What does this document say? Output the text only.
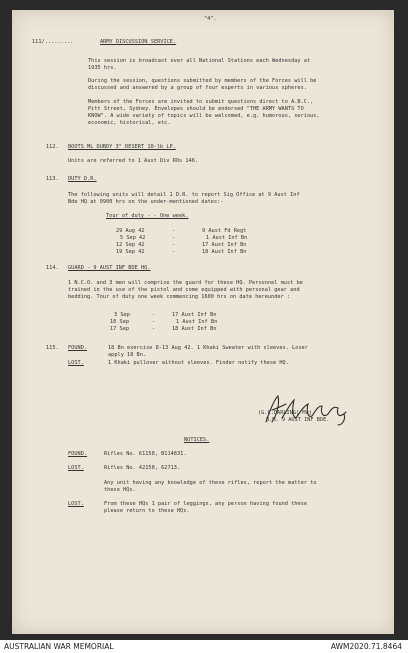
"4".
111/.........	ARMY DISCUSSION SERVICE.
This session is broadcast over all National Stations each Wednesday at
1935 hrs.
During the session, questions submitted by members of the Forces will be
discussed and answered by a group of four experts in various spheres.
Members of the Forces are invited to submit questions direct to A.B.C.,
Pitt Street, Sydney. Envelopes should be endorsed "THE ARMY WANTS TO
KNOW". A wide variety of topics will be welcomed, e.g. humorous, serious,
economic, historical, etc.
112. BOOTS ML DUBDY 3" DESERT 10-lb LP.
Units are referred to 1 Aust Div ROs 146.
113. DUTY D.R.
The following units will detail 1 D.R. to report Sig Office at 9 Aust Inf
Bde HQ at 0900 hrs on the under-mentioned dates:-
Tour of duty - - One week.
29 Aug 42	-	9 Aust Fd Regt
5 Sep 42	-	1 Aust Inf Bn
12 Sep 42	-	17 Aust Inf Bn
19 Sep 42	-	18 Aust Inf Bn
114. GUARD - 9 AUST INF BDE HQ.
1 N.C.O. and 3 men will comprise the guard for these HQ. Personnel must be
trained in the use of the pistol and come equipped with personal gear and
bedding. Tour of duty one week commencing 1600 hrs on date hereunder :
3 Sep	-	17 Aust Inf Bn
10 Sep	-	1 Aust Inf Bn
17 Sep	-	18 Aust Inf Bn
115. FOUND.	18 Bn exercise 8-13 Aug 42. 1 Khaki Sweater with sleeves. Loser
apply 18 Bn.
LOST.	1 Khaki pullover without sleeves. Finder notify these HQ.
(G.C.DARLING) Maj
B.M. 9 AUST INF BDE.
NOTICES.
FOUND.	Rifles No. 61150, B114831.
LOST.	Rifles No. 42150, 62713.
Any unit having any knowledge of these rifles, report the matter to
these HQs.
LOST.	From these HQs 1 pair of leggings, any person having found these
please return to these HQs.
AUSTRALIAN WAR MEMORIAL	AWM2020.71.8464
